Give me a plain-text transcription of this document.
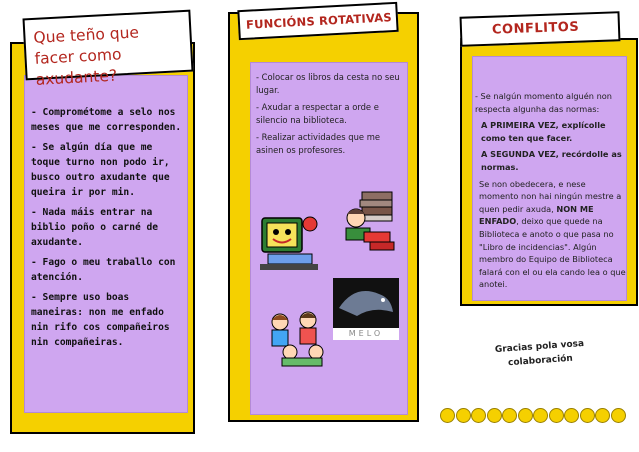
Que teño que facer como axudante?
- Comprométome a selo nos meses que me corresponden.
- Se algún día que me toque turno non podo ir, busco outro axudante que queira ir por min.
- Nada máis entrar na biblio poño o carné de axudante.
- Fago o meu traballo con atención.
- Sempre uso boas maneiras: non me enfado nin rifo cos compañeiros nin compañeiras.
FUNCIÓNS ROTATIVAS
- Colocar os libros da cesta no seu lugar.
- Axudar a respectar a orde e silencio na biblioteca.
- Realizar actividades que me asinen os profesores.
MELO
CONFLITOS
- Se nalgún momento alguén non respecta algunha das normas:
A PRIMEIRA VEZ, explícolle como ten que facer.
A SEGUNDA VEZ, recórdolle as normas.
Se non obedecera, e nese momento non hai ningún mestre a quen pedir axuda, NON ME ENFADO, deixo que quede na Biblioteca e anoto o que pasa no "Libro de incidencias". Algún membro do Equipo de Biblioteca falará con el ou ela cando lea o que anotei.
Gracias pola vosa colaboración
